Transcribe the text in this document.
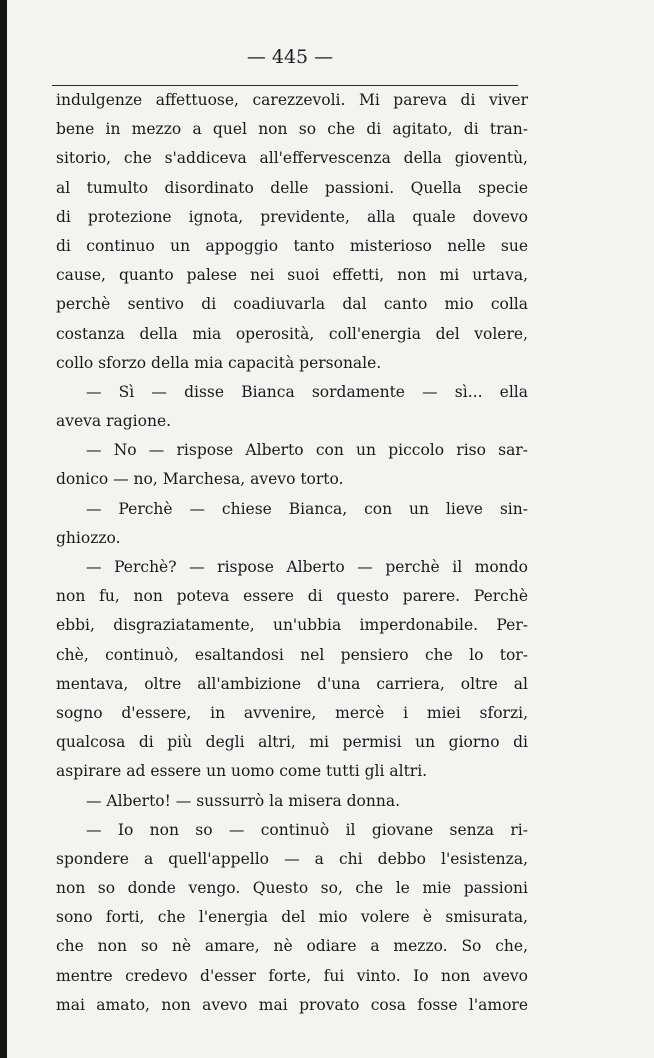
— 445 —
indulgenze affettuose, carezzevoli. Mi pareva di viver
bene in mezzo a quel non so che di agitato, di tran-
sitorio, che s'addiceva all'effervescenza della gioventù,
al tumulto disordinato delle passioni. Quella specie
di protezione ignota, previdente, alla quale dovevo
di continuo un appoggio tanto misterioso nelle sue
cause, quanto palese nei suoi effetti, non mi urtava,
perchè sentivo di coadiuvarla dal canto mio colla
costanza della mia operosità, coll'energia del volere,
collo sforzo della mia capacità personale.
— Sì — disse Bianca sordamente — sì... ella
aveva ragione.
— No — rispose Alberto con un piccolo riso sar-
donico — no, Marchesa, avevo torto.
— Perchè — chiese Bianca, con un lieve sin-
ghiozzo.
— Perchè? — rispose Alberto — perchè il mondo
non fu, non poteva essere di questo parere. Perchè
ebbi, disgraziatamente, un'ubbia imperdonabile. Per-
chè, continuò, esaltandosi nel pensiero che lo tor-
mentava, oltre all'ambizione d'una carriera, oltre al
sogno d'essere, in avvenire, mercè i miei sforzi,
qualcosa di più degli altri, mi permisi un giorno di
aspirare ad essere un uomo come tutti gli altri.
— Alberto! — sussurrò la misera donna.
— Io non so — continuò il giovane senza ri-
spondere a quell'appello — a chi debbo l'esistenza,
non so donde vengo. Questo so, che le mie passioni
sono forti, che l'energia del mio volere è smisurata,
che non so nè amare, nè odiare a mezzo. So che,
mentre credevo d'esser forte, fui vinto. Io non avevo
mai amato, non avevo mai provato cosa fosse l'amore
